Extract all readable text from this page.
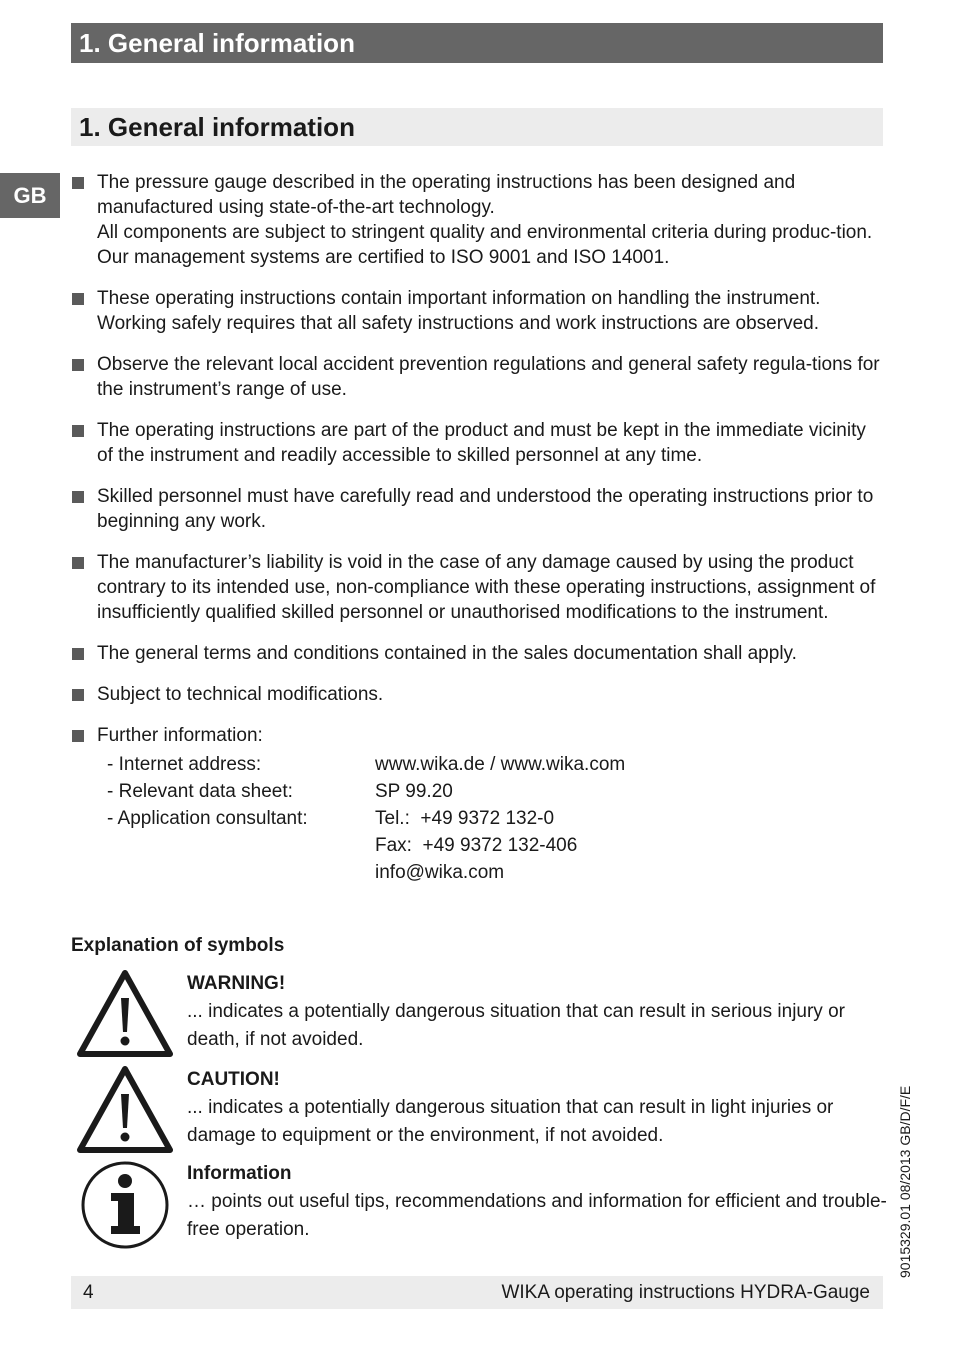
1. General information
1. General information
GB

The pressure gauge described in the operating instructions has been designed and manufactured using state-of-the-art technology.

All components are subject to stringent quality and environmental criteria during produc-tion. Our management systems are certified to ISO 9001 and ISO 14001.

These operating instructions contain important information on handling the instrument. Working safely requires that all safety instructions and work instructions are observed.

Observe the relevant local accident prevention regulations and general safety regula-tions for the instrument’s range of use.

The operating instructions are part of the product and must be kept in the immediate vicinity of the instrument and readily accessible to skilled personnel at any time.

Skilled personnel must have carefully read and understood the operating instructions prior to beginning any work.

The manufacturer’s liability is void in the case of any damage caused by using the product contrary to its intended use, non-compliance with these operating instructions, assignment of insufficiently qualified skilled personnel or unauthorised modifications to the instrument.

The general terms and conditions contained in the sales documentation shall apply.

Subject to technical modifications.

Further information:

- Internet address:	www.wika.de / www.wika.com
- Relevant data sheet:	SP 99.20
- Application consultant:	Tel.:  +49 9372 132-0
Fax:  +49 9372 132-406
info@wika.com
Explanation of symbols
WARNING!

... indicates a potentially dangerous situation that can result in serious injury or death, if not avoided.

CAUTION!

... indicates a potentially dangerous situation that can result in light injuries or damage to equipment or the environment, if not avoided.

Information

… points out useful tips, recommendations and information for efficient and trouble-free operation.	9015329.01 08/2013 GB/D/F/E
4	WIKA operating instructions HYDRA-Gauge
